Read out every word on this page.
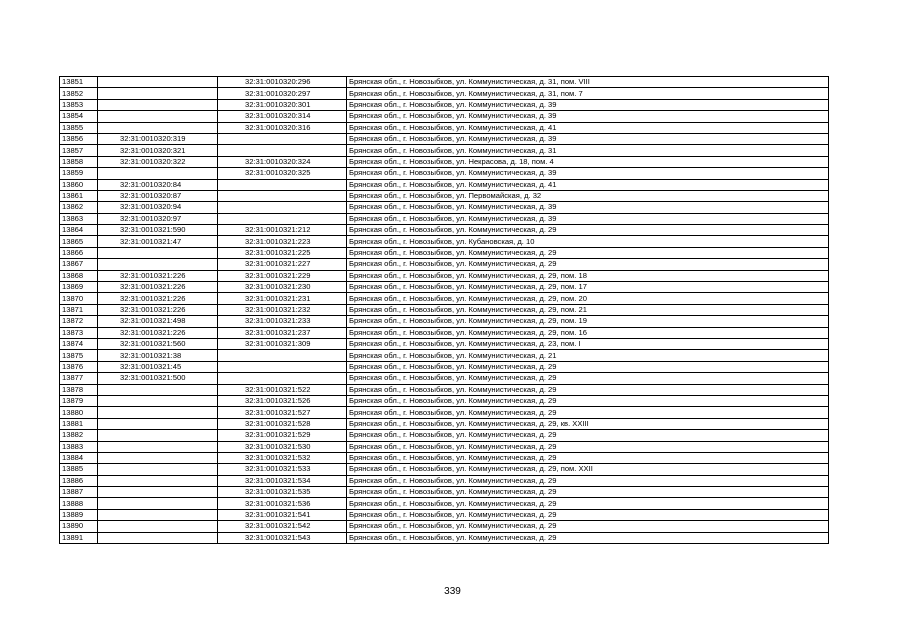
13851		32:31:0010320:296	Брянская обл., г. Новозыбков, ул. Коммунистическая, д. 31, пом. VIII
13852		32:31:0010320:297	Брянская обл., г. Новозыбков, ул. Коммунистическая, д. 31, пом. 7
13853		32:31:0010320:301	Брянская обл., г. Новозыбков, ул. Коммунистическая, д. 39
13854		32:31:0010320:314	Брянская обл., г. Новозыбков, ул. Коммунистическая, д. 39
13855		32:31:0010320:316	Брянская обл., г. Новозыбков, ул. Коммунистическая, д. 41
13856	32:31:0010320:319		Брянская обл., г. Новозыбков, ул. Коммунистическая, д. 39
13857	32:31:0010320:321		Брянская обл., г. Новозыбков, ул. Коммунистическая, д. 31
13858	32:31:0010320:322	32:31:0010320:324	Брянская обл., г. Новозыбков, ул. Некрасова, д. 18, пом. 4
13859		32:31:0010320:325	Брянская обл., г. Новозыбков, ул. Коммунистическая, д. 39
13860	32:31:0010320:84		Брянская обл., г. Новозыбков, ул. Коммунистическая, д. 41
13861	32:31:0010320:87		Брянская обл., г. Новозыбков, ул. Первомайская, д. 32
13862	32:31:0010320:94		Брянская обл., г. Новозыбков, ул. Коммунистическая, д. 39
13863	32:31:0010320:97		Брянская обл., г. Новозыбков, ул. Коммунистическая, д. 39
13864	32:31:0010321:590	32:31:0010321:212	Брянская обл., г. Новозыбков, ул. Коммунистическая, д. 29
13865	32:31:0010321:47	32:31:0010321:223	Брянская обл., г. Новозыбков, ул. Кубановская, д. 10
13866		32:31:0010321:225	Брянская обл., г. Новозыбков, ул. Коммунистическая, д. 29
13867		32:31:0010321:227	Брянская обл., г. Новозыбков, ул. Коммунистическая, д. 29
13868	32:31:0010321:226	32:31:0010321:229	Брянская обл., г. Новозыбков, ул. Коммунистическая, д. 29, пом. 18
13869	32:31:0010321:226	32:31:0010321:230	Брянская обл., г. Новозыбков, ул. Коммунистическая, д. 29, пом. 17
13870	32:31:0010321:226	32:31:0010321:231	Брянская обл., г. Новозыбков, ул. Коммунистическая, д. 29, пом. 20
13871	32:31:0010321:226	32:31:0010321:232	Брянская обл., г. Новозыбков, ул. Коммунистическая, д. 29, пом. 21
13872	32:31:0010321:498	32:31:0010321:233	Брянская обл., г. Новозыбков, ул. Коммунистическая, д. 29, пом. 19
13873	32:31:0010321:226	32:31:0010321:237	Брянская обл., г. Новозыбков, ул. Коммунистическая, д. 29, пом. 16
13874	32:31:0010321:560	32:31:0010321:309	Брянская обл., г. Новозыбков, ул. Коммунистическая, д. 23, пом. I
13875	32:31:0010321:38		Брянская обл., г. Новозыбков, ул. Коммунистическая, д. 21
13876	32:31:0010321:45		Брянская обл., г. Новозыбков, ул. Коммунистическая, д. 29
13877	32:31:0010321:500		Брянская обл., г. Новозыбков, ул. Коммунистическая, д. 29
13878		32:31:0010321:522	Брянская обл., г. Новозыбков, ул. Коммунистическая, д. 29
13879		32:31:0010321:526	Брянская обл., г. Новозыбков, ул. Коммунистическая, д. 29
13880		32:31:0010321:527	Брянская обл., г. Новозыбков, ул. Коммунистическая, д. 29
13881		32:31:0010321:528	Брянская обл., г. Новозыбков, ул. Коммунистическая, д. 29, кв. XXIII
13882		32:31:0010321:529	Брянская обл., г. Новозыбков, ул. Коммунистическая, д. 29
13883		32:31:0010321:530	Брянская обл., г. Новозыбков, ул. Коммунистическая, д. 29
13884		32:31:0010321:532	Брянская обл., г. Новозыбков, ул. Коммунистическая, д. 29
13885		32:31:0010321:533	Брянская обл., г. Новозыбков, ул. Коммунистическая, д. 29, пом. XXII
13886		32:31:0010321:534	Брянская обл., г. Новозыбков, ул. Коммунистическая, д. 29
13887		32:31:0010321:535	Брянская обл., г. Новозыбков, ул. Коммунистическая, д. 29
13888		32:31:0010321:536	Брянская обл., г. Новозыбков, ул. Коммунистическая, д. 29
13889		32:31:0010321:541	Брянская обл., г. Новозыбков, ул. Коммунистическая, д. 29
13890		32:31:0010321:542	Брянская обл., г. Новозыбков, ул. Коммунистическая, д. 29
13891		32:31:0010321:543	Брянская обл., г. Новозыбков, ул. Коммунистическая, д. 29
339
